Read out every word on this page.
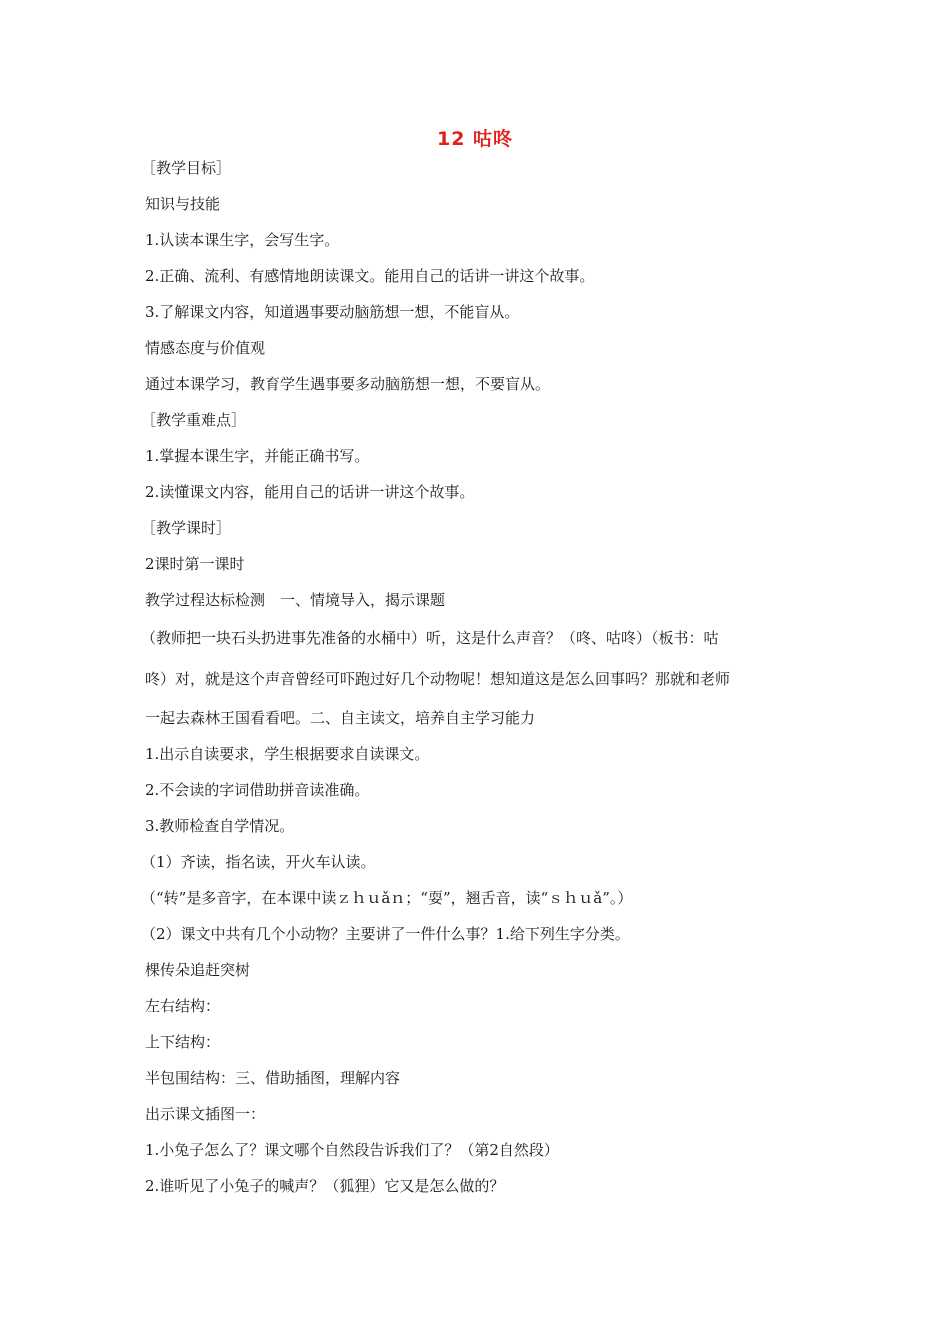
12 咕咚
［教学目标］
知识与技能
1.认读本课生字，会写生字。
2.正确、流利、有感情地朗读课文。能用自己的话讲一讲这个故事。
3.了解课文内容，知道遇事要动脑筋想一想，不能盲从。
情感态度与价值观
通过本课学习，教育学生遇事要多动脑筋想一想，不要盲从。
［教学重难点］
1.掌握本课生字，并能正确书写。
2.读懂课文内容，能用自己的话讲一讲这个故事。
［教学课时］
2课时第一课时
教学过程达标检测　一、情境导入，揭示课题
（教师把一块石头扔进事先准备的水桶中）听，这是什么声音？（咚、咕咚）（板书：咕
咚）对，就是这个声音曾经可吓跑过好几个动物呢！想知道这是怎么回事吗？那就和老师
一起去森林王国看看吧。二、自主读文，培养自主学习能力
1.出示自读要求，学生根据要求自读课文。
2.不会读的字词借助拼音读准确。
3.教师检查自学情况。
（1）齐读，指名读，开火车认读。
（“转”是多音字，在本课中读ｚｈｕǎｎ；“耍”，翘舌音，读“ｓｈｕǎ”。）
（2）课文中共有几个小动物？主要讲了一件什么事？1.给下列生字分类。
棵传朵追赶突树
左右结构：
上下结构：
半包围结构：三、借助插图，理解内容
出示课文插图一：
1.小兔子怎么了？课文哪个自然段告诉我们了？（第2自然段）
2.谁听见了小兔子的喊声？（狐狸）它又是怎么做的？
